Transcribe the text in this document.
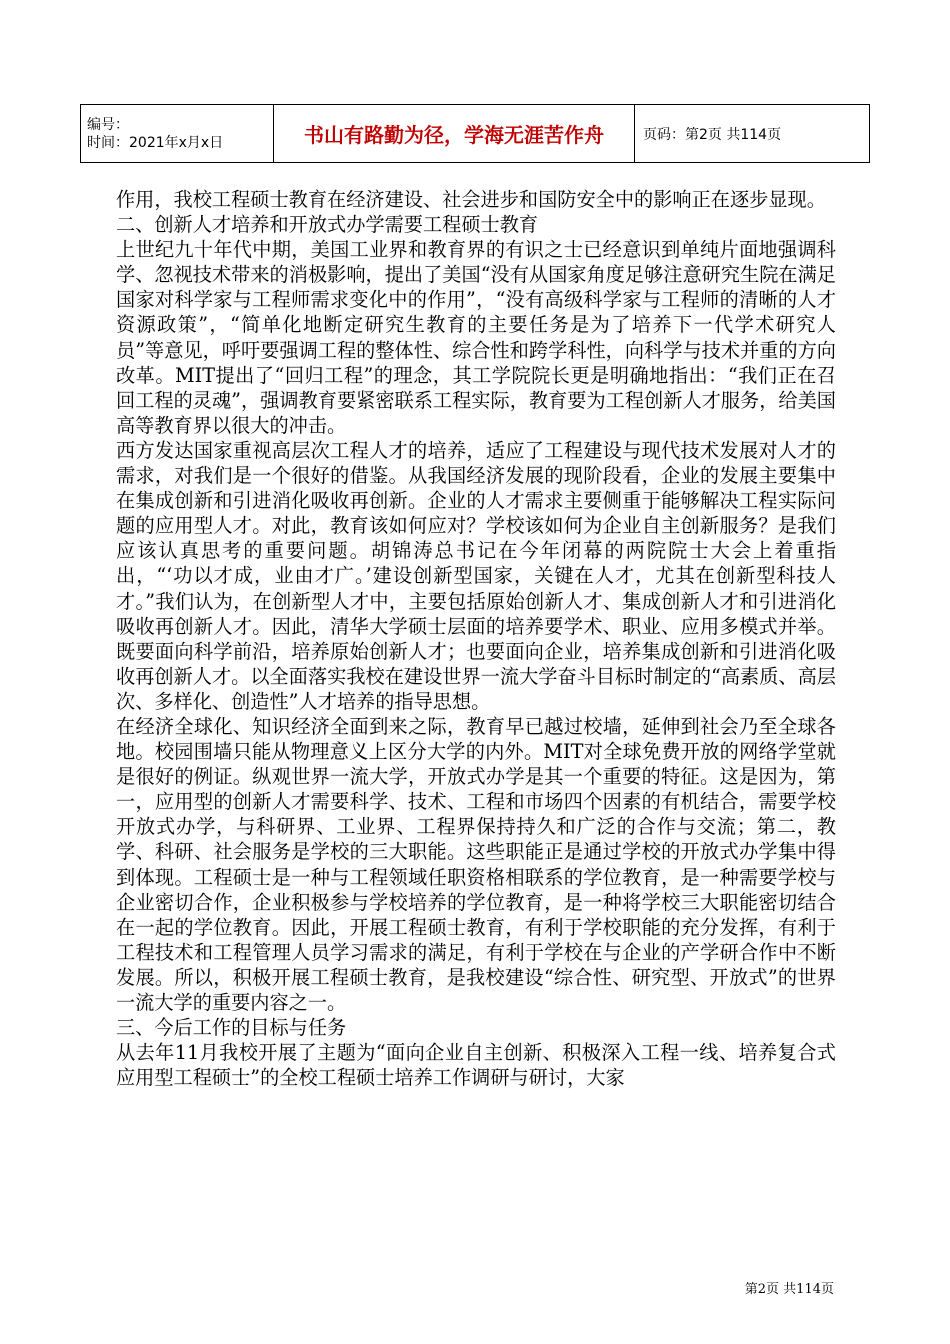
编号：
时间：2021年x月x日	书山有路勤为径，学海无涯苦作舟	页码：第2页 共114页

作用，我校工程硕士教育在经济建设、社会进步和国防安全中的影响正在逐步显现。

二、创新人才培养和开放式办学需要工程硕士教育

上世纪九十年代中期，美国工业界和教育界的有识之士已经意识到单纯片面地强调科学、忽视技术带来的消极影响，提出了美国“没有从国家角度足够注意研究生院在满足国家对科学家与工程师需求变化中的作用”，“没有高级科学家与工程师的清晰的人才资源政策”，“简单化地断定研究生教育的主要任务是为了培养下一代学术研究人员”等意见，呼吁要强调工程的整体性、综合性和跨学科性，向科学与技术并重的方向改革。MIT提出了“回归工程”的理念，其工学院院长更是明确地指出：“我们正在召回工程的灵魂”，强调教育要紧密联系工程实际，教育要为工程创新人才服务，给美国高等教育界以很大的冲击。

西方发达国家重视高层次工程人才的培养，适应了工程建设与现代技术发展对人才的需求，对我们是一个很好的借鉴。从我国经济发展的现阶段看，企业的发展主要集中在集成创新和引进消化吸收再创新。企业的人才需求主要侧重于能够解决工程实际问题的应用型人才。对此，教育该如何应对？学校该如何为企业自主创新服务？是我们应该认真思考的重要问题。胡锦涛总书记在今年闭幕的两院院士大会上着重指出，“‘功以才成，业由才广。’建设创新型国家，关键在人才，尤其在创新型科技人才。”我们认为，在创新型人才中，主要包括原始创新人才、集成创新人才和引进消化吸收再创新人才。因此，清华大学硕士层面的培养要学术、职业、应用多模式并举。既要面向科学前沿，培养原始创新人才；也要面向企业，培养集成创新和引进消化吸收再创新人才。以全面落实我校在建设世界一流大学奋斗目标时制定的“高素质、高层次、多样化、创造性”人才培养的指导思想。

在经济全球化、知识经济全面到来之际，教育早已越过校墙，延伸到社会乃至全球各地。校园围墙只能从物理意义上区分大学的内外。MIT对全球免费开放的网络学堂就是很好的例证。纵观世界一流大学，开放式办学是其一个重要的特征。这是因为，第一，应用型的创新人才需要科学、技术、工程和市场四个因素的有机结合，需要学校开放式办学，与科研界、工业界、工程界保持持久和广泛的合作与交流；第二，教学、科研、社会服务是学校的三大职能。这些职能正是通过学校的开放式办学集中得到体现。工程硕士是一种与工程领域任职资格相联系的学位教育，是一种需要学校与企业密切合作，企业积极参与学校培养的学位教育，是一种将学校三大职能密切结合在一起的学位教育。因此，开展工程硕士教育，有利于学校职能的充分发挥，有利于工程技术和工程管理人员学习需求的满足，有利于学校在与企业的产学研合作中不断发展。所以，积极开展工程硕士教育，是我校建设“综合性、研究型、开放式”的世界一流大学的重要内容之一。

三、今后工作的目标与任务

从去年11月我校开展了主题为“面向企业自主创新、积极深入工程一线、培养复合式应用型工程硕士”的全校工程硕士培养工作调研与研讨，大家

第2页 共114页
